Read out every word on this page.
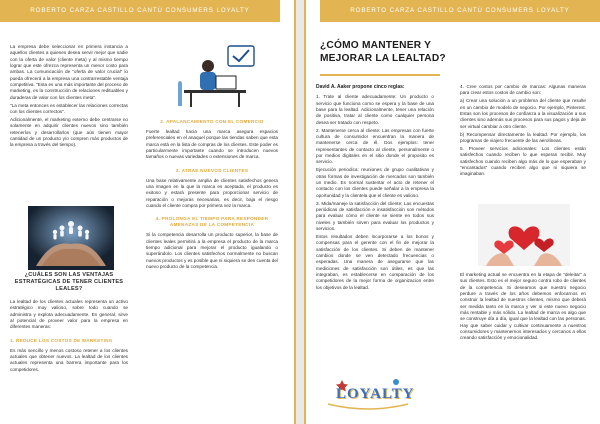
ROBERTO CARZA CASTILLO CANTÚ CONSUMERS LOYALTY

La empresa debe seleccionar en primera instancia a aquellos clientes a quienes desea servir mejor que nadie con la oferta de valor (cliente meta) y al mismo tiempo lograr que este ofrezca representa un menor costo para ambas. La comunicación de "oferta de valor crucial" lo pueda ofrecerá a la empresa una contrarrestable ventaja competitiva. "Esta es una más importante del proceso de marketing, es la construcción de relaciones redituables y duraderas de valor con los clientes meta".

"La meta entonces es establecer las relaciones correctas con los clientes correctos".

Adicionalmente, el marketing externo debe centrarse no solamente en adquirir clientes nuevos sino también retenerlos y desarrollarlos (que aún tienen mayor cantidad de un producto y/o compren más productos de la empresa a través del tiempo).

¿CUÁLES SON LAS VENTAJAS ESTRATÉGICAS DE TENER CLIENTES LEALES?

La lealtad de los clientes actuales representa un activo estratégico muy valioso, sobre todo cuando se administra y explota adecuadamente. En general, sirve al potencial de proveer valor para la empresa en diferentes maneras:

1. REDUCE LOS COSTOS DE MARKETING

Es más sencillo y menos costoso retener a los clientes actuales que obtener nuevos. La lealtad de los clientes actuales representa una barrera importante para los competidores.

2. APALANCAMIENTO CON EL COMERCIO

Fuerte lealtad hacia una marca asegura espacios preferenciales en el anaquel porque las tiendas saben que esta marca está en la lista de compras de los clientes. Este poder es particularmente importante cuando se introducen nuevos tamaños o nuevas variedades o extensiones de marca.

3. ATRAE NUEVOS CLIENTES

Una base relativamente amplia de clientes satisfechos genera una imagen en la que la marca es aceptada, el producto es exitoso y estará presente para proporcionar servicio de reparación o mejoras necesarias, es decir, baja el riesgo cuando el cliente compra por primera vez la marca.

4. PROLONGA EL TIEMPO PARA RESPONDER AMENAZAS DE LA COMPETENCIA

Si la competencia desarrolla un producto superior, la base de clientes leales permitirá a la empresa el producto de la marca tiempo adicional para mejorar el producto igualando o superándolo. Los clientes satisfechos normalmente no buscan nuevos productos y es posible que ni siquiera se den cuenta del nuevo producto de la competencia.

ROBERTO CARZA CASTILLO CANTÚ CONSUMERS LOYALTY
¿CÓMO MANTENER Y MEJORAR LA LEALTAD?
David A. Aaker propone cinco reglas:

1. Trate al cliente adecuadamente: Un producto o servicio que funciona como se espera y la base de una base para la lealtad. Adicionalmente, tener una relación de positiva, tratar al cliente como cualquier persona desea ser tratado con respeto.

2. Mantenerse cerca al cliente: Las empresas con fuerte cultura de consumidor encuentran la manera de mantenerse cerca de él. Dos ejemplos: tener representantes de contacto al cliente, personalmente o por medios digitales en el sitio donde el proposito es servicio.

Ejecución periodica: reuniones de grupo cualitativas y otras formas de investigación de mercados son también un medio. Es normal sustentar el acto de retener el contacto con los clientes puede señalar a la empresa la oportunidad y la clientela que el cliente es valioso.

3. Mida/maneje la satisfacción del cliente: Las encuestas periódicas de satisfacción e insatisfacción son métodos para evaluar cómo el cliente se siente en todos sus niveles y también sirven para evaluar los productos y servicios.

Estos resultados deben incorporarse a los bonos y compensas para el gerente con el fin de mejorar la satisfacción de los clientes. Si deben de mantener cambios donde se ven detectado frecuencias o esperadas. Una manera de asegurarse que las mediciones de satisfacción son útiles, es que las integraban, es establecerse en comparación de los competidores de la mejor forma de organizacion entre los objetivos de la lealtad.

LOYALTY

4. Cree costos por cambio de marcas: Algunas maneras para crear estos costos de cambio son:

a) Crear una solución a un problema del cliente que resulte en un cambio de modelo de negocio. Por ejemplo, Pinterest. Estas son los procesos de confianza a la visualización a sus clientes sino además sus procesos para sus pagos y deja de ser virtual cambiar a otro cliente.

b) Recompensar directamente la lealtad. Por ejemplo, los programas de viajero frecuente de las aerolíneas.

5. Proveer servicios adicionales: Los clientes están satisfechos cuando reciben lo que esperan recibir. Muy satisfechos cuando reciben algo más de lo que esperaban y "encantados" cuando reciben algo que ni siquiera se imaginaban.

El marketing actual se encuentra en la etapa de "deleitar" a sus clientes. Esto es el mejor seguro contra robo de clientes de la competencia. Si deseamos que nuestro negocio perdure a través de los años debemos enfocarnos en construir la lealtad de nuestros clientes, mismo que deberá ser medida tanto en la marca y ver si este nuevo negocio más rentable y más sólido. La lealtad de marca es algo que se construye día a día, igual que la lealtad con las personas. Hay que saber cuidar y cultivar continuamente a nuestros consumidores y mantenernos interesados y cercanos a ellos creando satisfacción y emocionalidad.
